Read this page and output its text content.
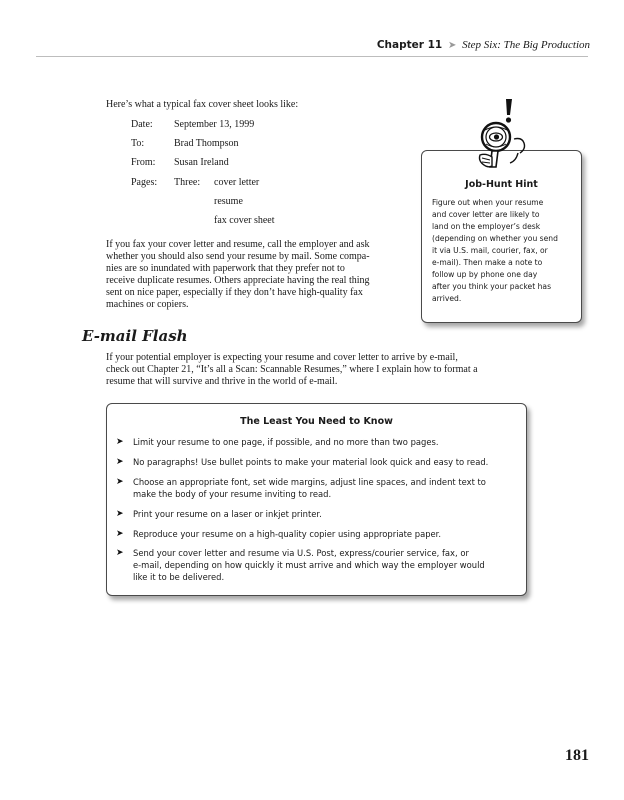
Chapter 11 ➤ Step Six: The Big Production
Here’s what a typical fax cover sheet looks like:
Date: September 13, 1999
To:	Brad Thompson
From: Susan Ireland
Pages: Three: cover letter
resume
fax cover sheet
If you fax your cover letter and resume, call the employer and ask
whether you should also send your resume by mail. Some compa-
nies are so inundated with paperwork that they prefer not to
receive duplicate resumes. Others appreciate having the real thing
sent on nice paper, especially if they don’t have high-quality fax
machines or copiers.
Job-Hunt Hint
Figure out when your resume
and cover letter are likely to
land on the employer’s desk
(depending on whether you send
it via U.S. mail, courier, fax, or
e-mail). Then make a note to
follow up by phone one day
after you think your packet has
arrived.
E-mail Flash
If your potential employer is expecting your resume and cover letter to arrive by e-mail,
check out Chapter 21, “It’s all a Scan: Scannable Resumes,” where I explain how to format a
resume that will survive and thrive in the world of e-mail.
The Least You Need to Know
➤ Limit your resume to one page, if possible, and no more than two pages.
➤ No paragraphs! Use bullet points to make your material look quick and easy to read.
➤ Choose an appropriate font, set wide margins, adjust line spaces, and indent text to
make the body of your resume inviting to read.
➤ Print your resume on a laser or inkjet printer.
➤ Reproduce your resume on a high-quality copier using appropriate paper.
➤ Send your cover letter and resume via U.S. Post, express/courier service, fax, or
e-mail, depending on how quickly it must arrive and which way the employer would
like it to be delivered.
181
